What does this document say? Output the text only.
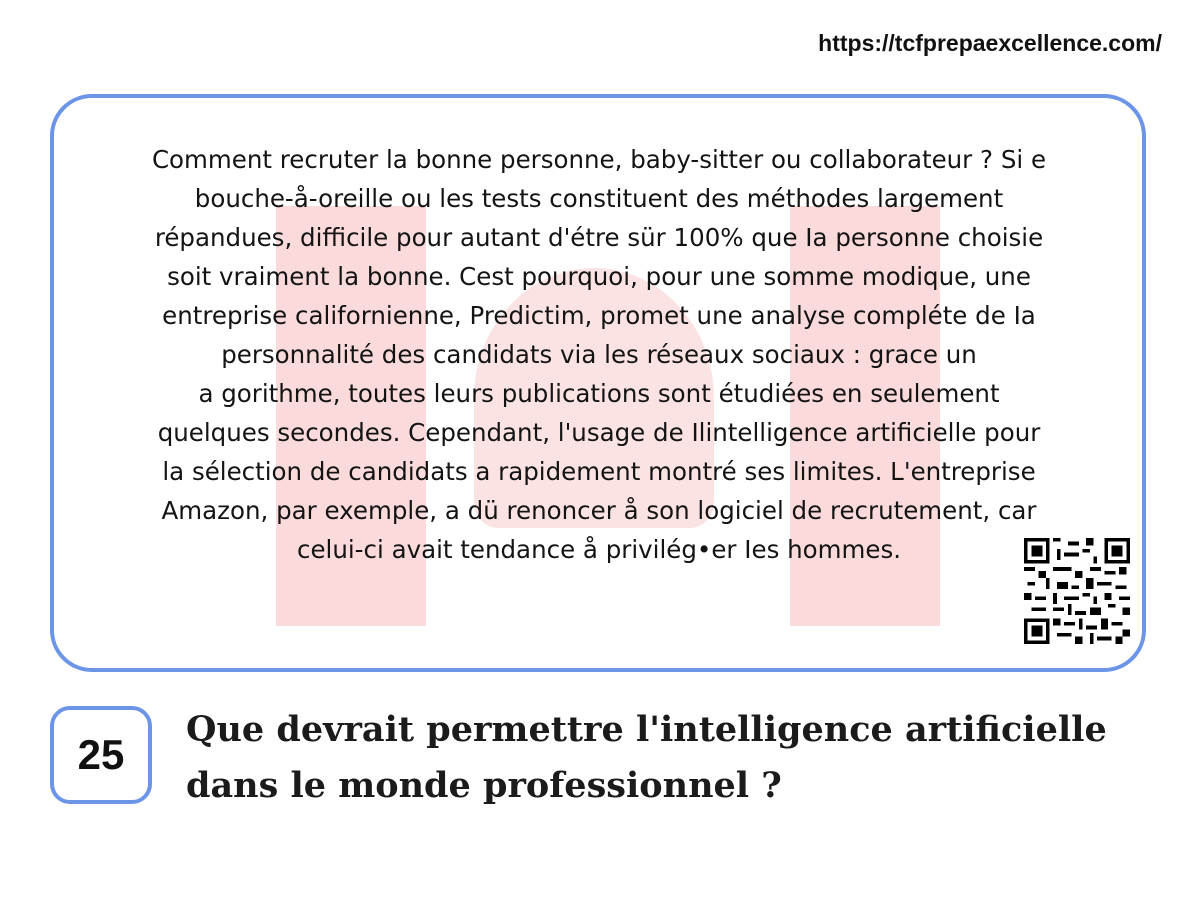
https://tcfprepaexcellence.com/
Comment recruter la bonne personne, baby-sitter ou collaborateur ? Si e
bouche-å-oreille ou les tests constituent des méthodes largement
répandues, difficile pour autant d'étre sür 100% que Ia personne choisie
soit vraiment la bonne. Cest pourquoi, pour une somme modique, une
entreprise californienne, Predictim, promet une analyse compléte de Ia
personnalité des candidats via les réseaux sociaux : grace un
a gorithme, toutes leurs publications sont étudiées en seulement
quelques secondes. Cependant, l'usage de Ilintelligence artificielle pour
la sélection de candidats a rapidement montré ses limites. L'entreprise
Amazon, par exemple, a dü renoncer å son logiciel de recrutement, car
celui-ci avait tendance å privilég•er Ies hommes.
25
Que devrait permettre l'intelligence artificielle
dans le monde professionnel ?
